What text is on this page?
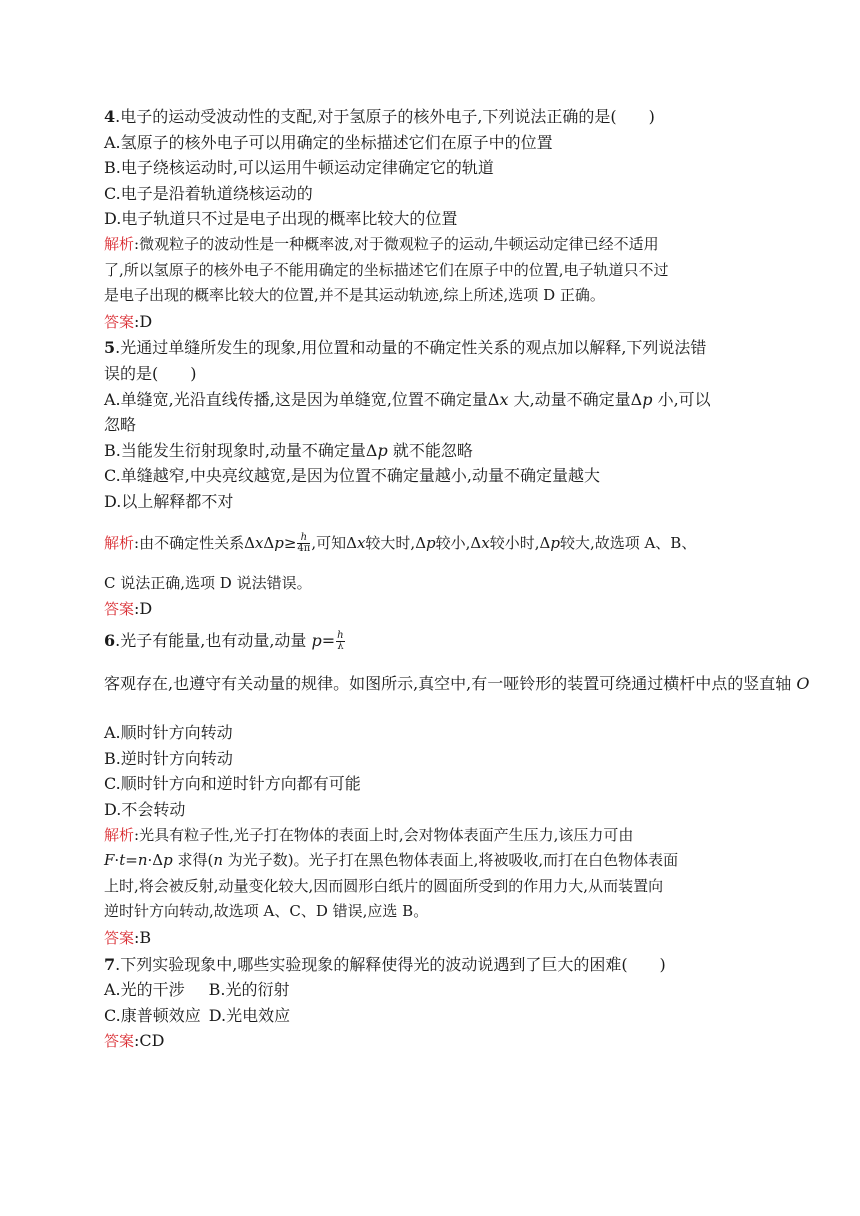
4.电子的运动受波动性的支配,对于氢原子的核外电子,下列说法正确的是(　　)
A.氢原子的核外电子可以用确定的坐标描述它们在原子中的位置
B.电子绕核运动时,可以运用牛顿运动定律确定它的轨道
C.电子是沿着轨道绕核运动的
D.电子轨道只不过是电子出现的概率比较大的位置
解析:微观粒子的波动性是一种概率波,对于微观粒子的运动,牛顿运动定律已经不适用
了,所以氢原子的核外电子不能用确定的坐标描述它们在原子中的位置,电子轨道只不过
是电子出现的概率比较大的位置,并不是其运动轨迹,综上所述,选项 D 正确。
答案:D
5.光通过单缝所发生的现象,用位置和动量的不确定性关系的观点加以解释,下列说法错
误的是(　　)
A.单缝宽,光沿直线传播,这是因为单缝宽,位置不确定量Δx 大,动量不确定量Δp 小,可以
忽略
B.当能发生衍射现象时,动量不确定量Δp 就不能忽略
C.单缝越窄,中央亮纹越宽,是因为位置不确定量越小,动量不确定量越大
D.以上解释都不对
解析:由不确定性关系$\Delta x\Delta p\ge \frac{h}{4\pi}$ ,可知Δx较大时,Δp较小,Δx较小时,Δp较大,故选项 A、B、
C 说法正确,选项 D 说法错误。
答案:D
6.光子有能量,也有动量,动量 $p= \frac{h}{\lambda}$
客观存在,也遵守有关动量的规律。如图所示,真空中,有一哑铃形的装置可绕通过横杆中点的竖直轴 O
A.顺时针方向转动
B.逆时针方向转动
C.顺时针方向和逆时针方向都有可能
D.不会转动
解析:光具有粒子性,光子打在物体的表面上时,会对物体表面产生压力,该压力可由
F·t=n·Δp 求得(n 为光子数)。光子打在黑色物体表面上,将被吸收,而打在白色物体表面
上时,将会被反射,动量变化较大,因而圆形白纸片的圆面所受到的作用力大,从而装置向
逆时针方向转动,故选项 A、C、D 错误,应选 B。
答案:B
7.下列实验现象中,哪些实验现象的解释使得光的波动说遇到了巨大的困难(　　)
A.光的干涉 B.光的衍射
C.康普顿效应 D.光电效应
答案:CD
